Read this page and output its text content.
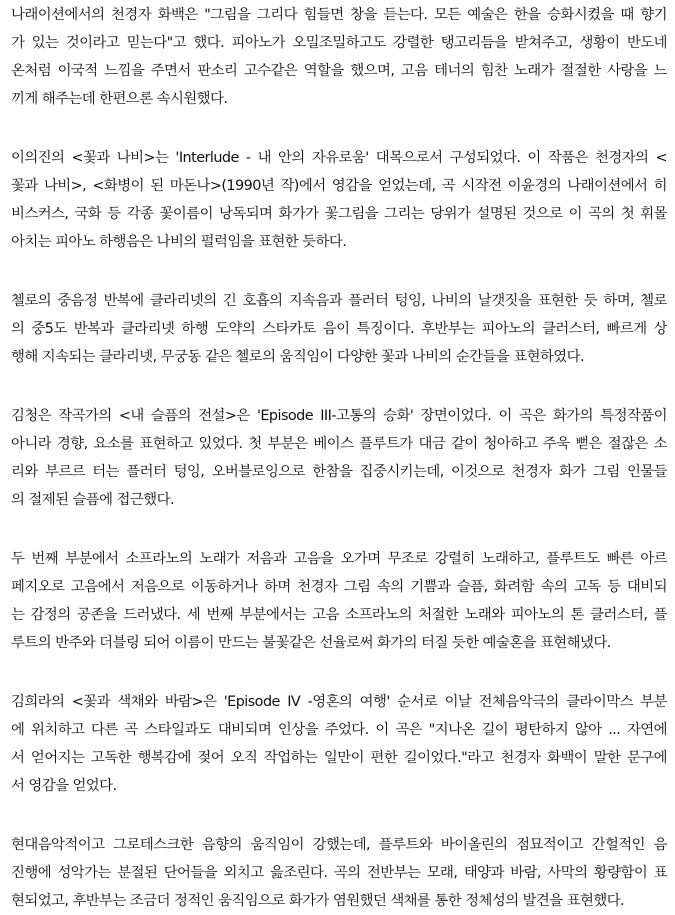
나래이션에서의 천경자 화백은 "그림을 그리다 힘들면 창을 듣는다. 모든 예술은 한을 승화시켰을 때 향기
가 있는 것이라고 믿는다"고 했다. 피아노가 오밀조밀하고도 강렬한 탱고리듬을 받쳐주고, 생황이 반도네
온처럼 이국적 느낌을 주면서 판소리 고수같은 역할을 했으며, 고음 테너의 힘찬 노래가 절절한 사랑을 느
끼게 해주는데 한편으론 속시원했다.
이의진의 <꽃과 나비>는 'Interlude - 내 안의 자유로움' 대목으로서 구성되었다. 이 작품은 천경자의 <
꽃과 나비>, <화병이 된 마돈나>(1990년 작)에서 영감을 얻었는데, 곡 시작전 이윤경의 나래이션에서 히
비스커스, 국화 등 각종 꽃이름이 낭독되며 화가가 꽃그림을 그리는 당위가 설명된 것으로 이 곡의 첫 휘몰
아치는 피아노 하행음은 나비의 펄럭임을 표현한 듯하다.
첼로의 중음정 반복에 클라리넷의 긴 호흡의 지속음과 플러터 텅잉, 나비의 날갯짓을 표현한 듯 하며, 첼로
의 중5도 반복과 클라리넷 하행 도약의 스타카토 음이 특징이다. 후반부는 피아노의 클러스터, 빠르게 상
행해 지속되는 클라리넷, 무궁동 같은 첼로의 움직임이 다양한 꽃과 나비의 순간들을 표현하였다.
김청은 작곡가의 <내 슬픔의 전설>은 'Episode III-고통의 승화' 장면이었다. 이 곡은 화가의 특정작품이
아니라 경향, 요소를 표현하고 있었다. 첫 부분은 베이스 플루트가 대금 같이 청아하고 주욱 뻗은 절잖은 소
리와 부르르 터는 플러터 텅잉, 오버블로잉으로 한참을 집중시키는데, 이것으로 천경자 화가 그림 인물들
의 절제된 슬픔에 접근했다.
두 번째 부분에서 소프라노의 노래가 저음과 고음을 오가며 무조로 강렬히 노래하고, 플루트도 빠른 아르
페지오로 고음에서 저음으로 이동하거나 하며 천경자 그림 속의 기쁨과 슬픔, 화려함 속의 고독 등 대비되
는 감정의 공존을 드러냈다. 세 번째 부분에서는 고음 소프라노의 처절한 노래와 피아노의 톤 클러스터, 플
루트의 반주와 더블링 되어 이름이 만드는 불꽃같은 선율로써 화가의 터질 듯한 예술혼을 표현해냈다.
김희라의 <꽃과 색채와 바람>은 'Episode IV -영혼의 여행' 순서로 이날 전체음악극의 클라이막스 부분
에 위치하고 다른 곡 스타일과도 대비되며 인상을 주었다. 이 곡은 "지나온 길이 평탄하지 않아 ... 자연에
서 얻어지는 고독한 행복감에 젖어 오직 작업하는 일만이 편한 길이었다."라고 천경자 화백이 말한 문구에
서 영감을 얻었다.
현대음악적이고 그로테스크한 음향의 움직임이 강했는데, 플루트와 바이올린의 점묘적이고 간헐적인 음
진행에 성악가는 분절된 단어들을 외치고 읊조린다. 곡의 전반부는 모래, 태양과 바람, 사막의 황량함이 표
현되었고, 후반부는 조금더 정적인 움직임으로 화가가 염원했던 색채를 통한 정체성의 발견을 표현했다.
